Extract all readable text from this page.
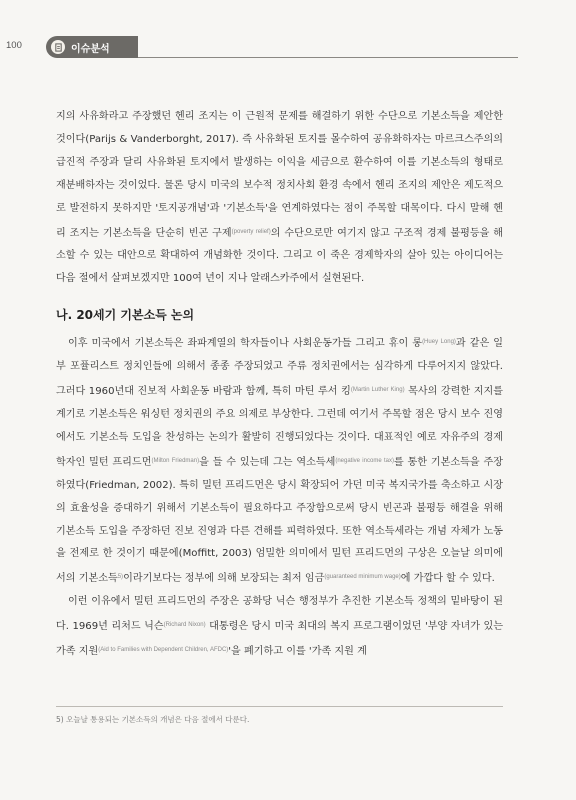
100	이슈분석

지의 사유화라고 주장했던 헨리 조지는 이 근원적 문제를 해결하기 위한 수단으로 기본소득을 제안한 것이다(Parijs & Vanderborght, 2017). 즉 사유화된 토지를 몰수하여 공유화하자는 마르크스주의의 급진적 주장과 달리 사유화된 토지에서 발생하는 이익을 세금으로 환수하여 이를 기본소득의 형태로 재분배하자는 것이었다. 물론 당시 미국의 보수적 정치사회 환경 속에서 헨리 조지의 제안은 제도적으로 발전하지 못하지만 '토지공개념'과 '기본소득'을 연계하였다는 점이 주목할 대목이다. 다시 말해 헨리 조지는 기본소득을 단순히 빈곤 구제$^{(poverty relief)}$의 수단으로만 여기지 않고 구조적 경제 불평등을 해소할 수 있는 대안으로 확대하여 개념화한 것이다. 그리고 이 죽은 경제학자의 살아 있는 아이디어는 다음 절에서 살펴보겠지만 100여 년이 지나 알래스카주에서 실현된다.

나. 20세기 기본소득 논의

이후 미국에서 기본소득은 좌파계열의 학자들이나 사회운동가들 그리고 휴이 롱$^{(Huey Long)}$과 같은 일부 포퓰리스트 정치인들에 의해서 종종 주장되었고 주류 정치권에서는 심각하게 다루어지지 않았다. 그러다 1960년대 진보적 사회운동 바람과 함께, 특히 마틴 루서 킹$^{(Martin Luther King)}$ 목사의 강력한 지지를 계기로 기본소득은 워싱턴 정치권의 주요 의제로 부상한다. 그런데 여기서 주목할 점은 당시 보수 진영에서도 기본소득 도입을 찬성하는 논의가 활발히 진행되었다는 것이다. 대표적인 예로 자유주의 경제학자인 밀턴 프리드먼$^{(Milton Friedman)}$을 들 수 있는데 그는 역소득세$^{(negative income tax)}$를 통한 기본소득을 주장하였다(Friedman, 2002). 특히 밀턴 프리드먼은 당시 확장되어 가던 미국 복지국가를 축소하고 시장의 효율성을 증대하기 위해서 기본소득이 필요하다고 주장함으로써 당시 빈곤과 불평등 해결을 위해 기본소득 도입을 주장하던 진보 진영과 다른 견해를 피력하였다. 또한 역소득세라는 개념 자체가 노동을 전제로 한 것이기 때문에(Moffitt, 2003) 엄밀한 의미에서 밀턴 프리드먼의 구상은 오늘날 의미에서의 기본소득$^{5)}$이라기보다는 정부에 의해 보장되는 최저 임금$^{(guaranteed minimum wage)}$에 가깝다 할 수 있다.

이런 이유에서 밀턴 프리드먼의 주장은 공화당 닉슨 행정부가 추진한 기본소득 정책의 밑바탕이 된다. 1969년 리처드 닉슨$^{(Richard Nixon)}$ 대통령은 당시 미국 최대의 복지 프로그램이었던 '부양 자녀가 있는 가족 지원$^{(Aid to Families with Dependent Children, AFDC)}$'을 폐기하고 이를 '가족 지원 계

5) 오늘날 통용되는 기본소득의 개념은 다음 절에서 다룬다.
